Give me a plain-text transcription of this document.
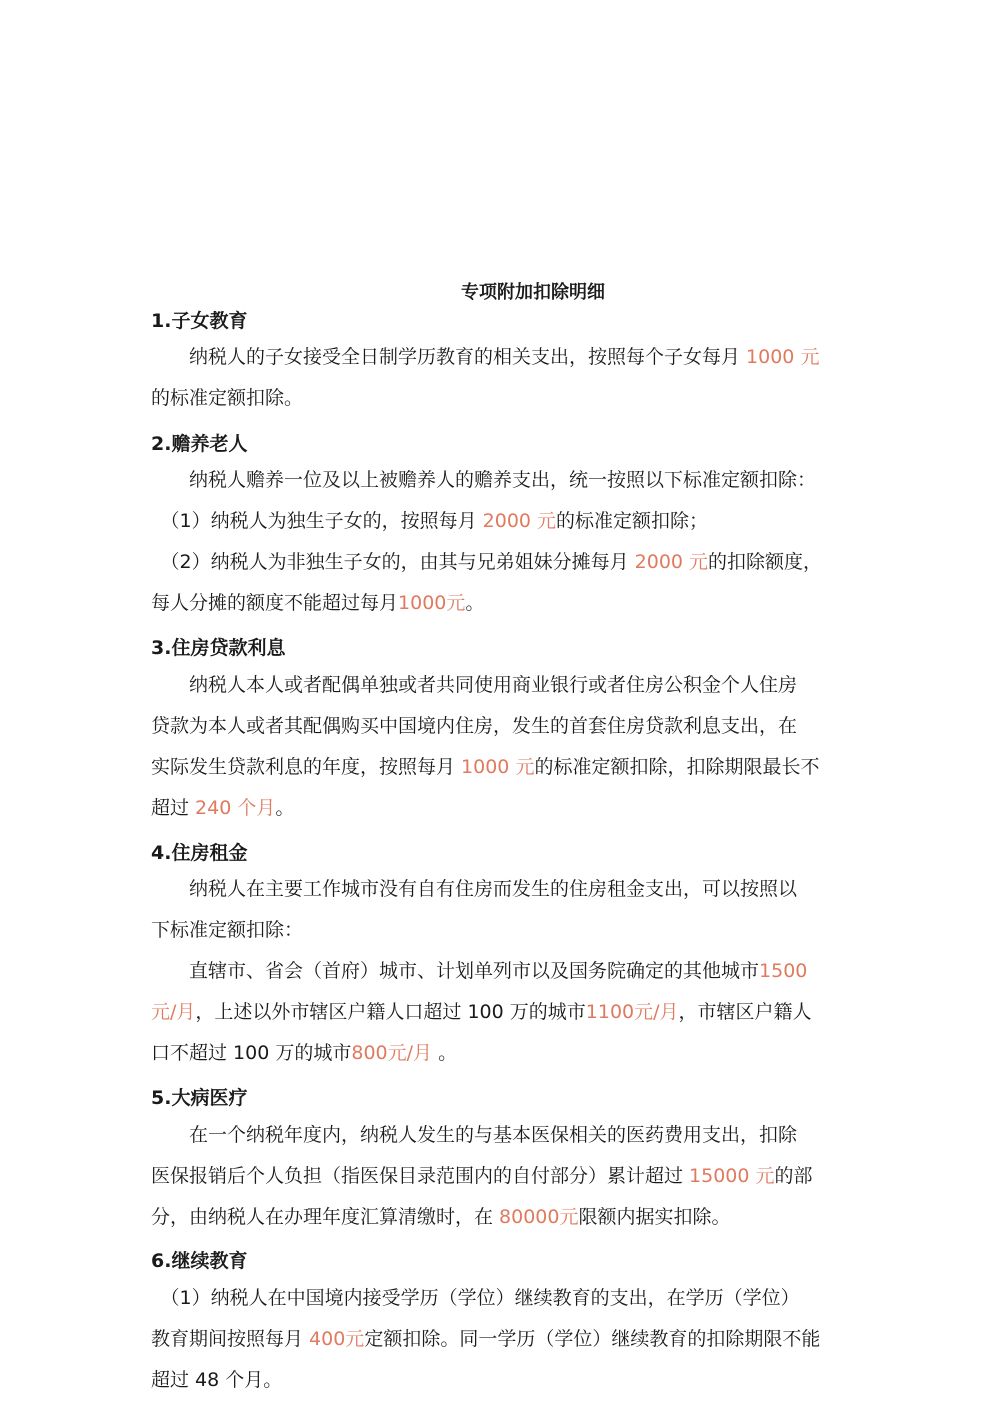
专项附加扣除明细
1.子女教育
　　纳税人的子女接受全日制学历教育的相关支出，按照每个子女每月 1000 元
的标准定额扣除。
2.赡养老人
　　纳税人赡养一位及以上被赡养人的赡养支出，统一按照以下标准定额扣除：
　（1）纳税人为独生子女的，按照每月 2000 元的标准定额扣除；
　（2）纳税人为非独生子女的，由其与兄弟姐妹分摊每月 2000 元的扣除额度，
每人分摊的额度不能超过每月1000元。
3.住房贷款利息
　　纳税人本人或者配偶单独或者共同使用商业银行或者住房公积金个人住房
贷款为本人或者其配偶购买中国境内住房，发生的首套住房贷款利息支出，在
实际发生贷款利息的年度，按照每月 1000 元的标准定额扣除，扣除期限最长不
超过 240 个月。
4.住房租金
　　纳税人在主要工作城市没有自有住房而发生的住房租金支出，可以按照以
下标准定额扣除：
　　直辖市、省会（首府）城市、计划单列市以及国务院确定的其他城市1500
元/月，上述以外市辖区户籍人口超过 100 万的城市1100元/月，市辖区户籍人
口不超过 100 万的城市800元/月 。
5.大病医疗
　　在一个纳税年度内，纳税人发生的与基本医保相关的医药费用支出，扣除
医保报销后个人负担（指医保目录范围内的自付部分）累计超过 15000 元的部
分，由纳税人在办理年度汇算清缴时，在 80000元限额内据实扣除。
6.继续教育
　（1）纳税人在中国境内接受学历（学位）继续教育的支出，在学历（学位）
教育期间按照每月 400元定额扣除。同一学历（学位）继续教育的扣除期限不能
超过 48 个月。
